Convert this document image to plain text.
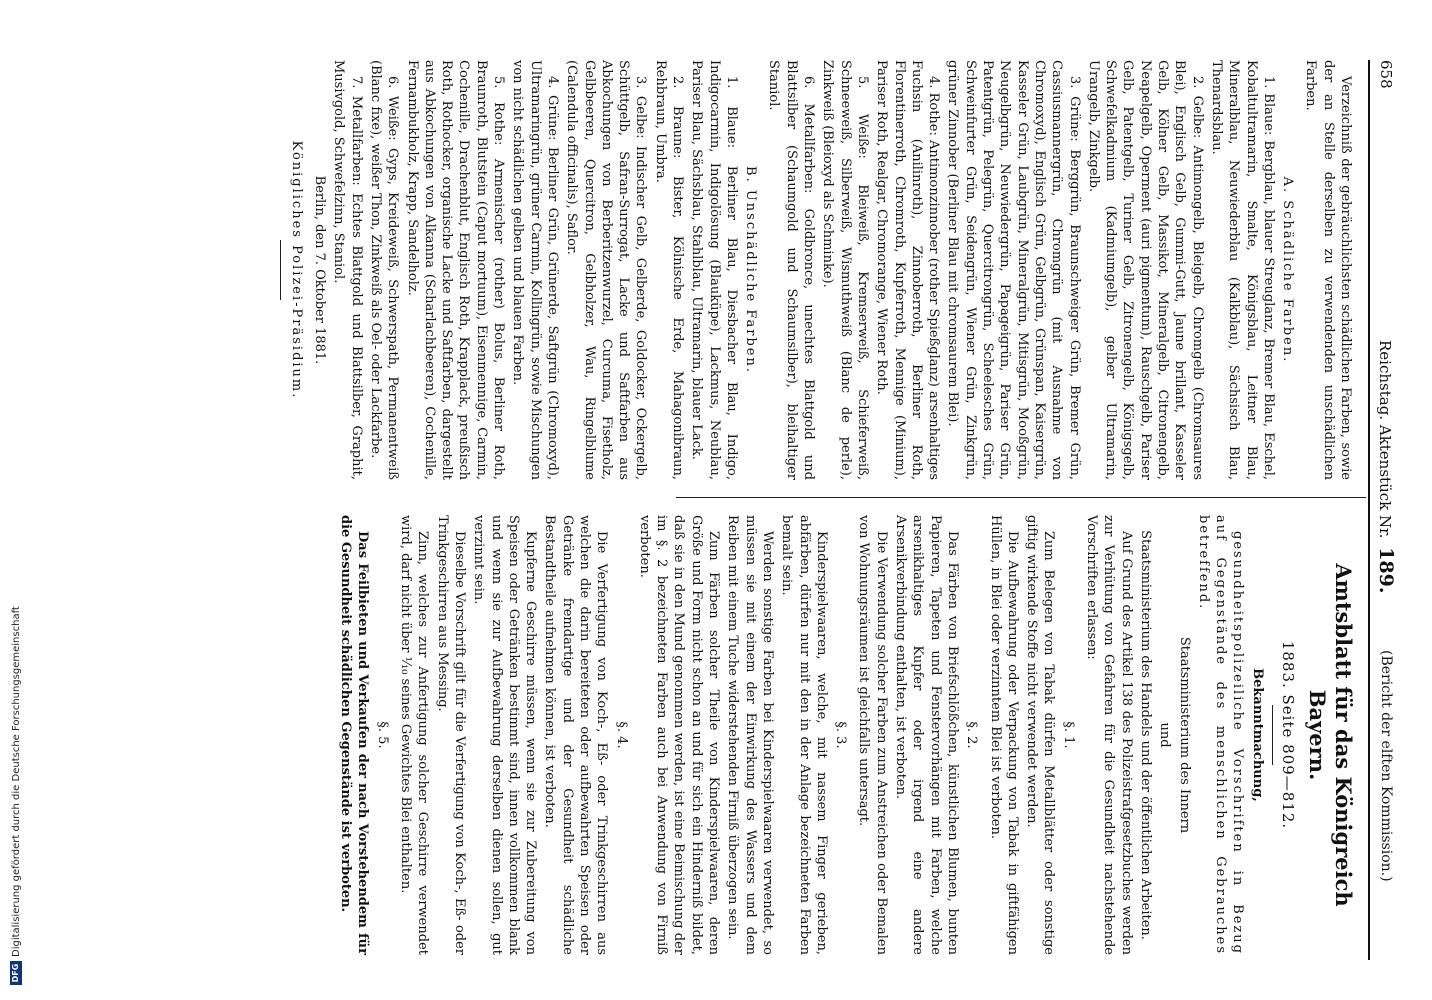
658
Reichstag. Aktenstück Nr. 189.
(Bericht der elften Kommission.)

Verzeichniß der gebräuchlichsten schädlichen Farben, sowie der an Stelle derselben zu verwendenden unschädlichen Farben.

A. Schädliche Farben.

1. Blaue: Bergblau, blauer Streuglanz, Bremer Blau, Eschel, Kobaltultramarin, Smalte, Königsblau, Leitner Blau, Mineralblau, Neuwiederblau (Kalkblau), Sächsisch Blau, Thenardsblau.

2. Gelbe: Antimongelb, Bleigelb, Chromgelb (Chromsaures Blei), Englisch Gelb, Gummi-Gutt, Jaune brillant, Kasseler Gelb, Kölner Gelb, Massikot, Mineralgelb, Citronengelb, Neapelgelb, Operment (auri pigmentum), Rauschgelb, Pariser Gelb, Patentgelb, Turiner Gelb, Zitronengelb, Königsgelb, Schwefelkadmium (Kadmiumgelb), gelber Ultramarin, Urangelb, Zinkgelb.

3. Grüne: Berggrün, Braunschweiger Grün, Bremer Grün, Cassiusmannergrün, Chromgrün (mit Ausnahme von Chromoxyd), Englisch Grün, Gelbgrün, Grünspan, Kaisergrün, Kasseler Grün, Laubgrün, Mineralgrün, Mitisgrün, Mooßgrün, Neugelbgrün, Neuwiedergrün, Papageigrün, Pariser Grün, Patentgrün, Pelegrün, Quercitrongrün, Scheelesches Grün, Schweinfurter Grün, Seidengrün, Wiener Grün, Zinkgrün, grüner Zinnober (Berliner Blau mit chromsaurem Blei).

4. Rothe: Antimonzinnober (rother Spießglanz) arsenhaltiges Fuchsin (Anilinroth), Zinnoberroth, Berliner Roth, Florentinerroth, Chromroth, Kupferroth, Mennige (Minium), Pariser Roth, Realgar, Chromorange, Wiener Roth.

5. Weiße: Bleiweiß, Kremserweiß, Schieferweiß, Schneeweiß, Silberweiß, Wismuthweiß (Blanc de perle), Zinkweiß (Bleioxyd als Schminke).

6. Metallfarben: Goldbronce, unechtes Blattgold und Blattsilber (Schaumgold und Schaumsilber), bleihaltiger Staniol.

B. Unschädliche Farben.

1. Blaue: Berliner Blau, Diesbacher Blau, Indigo, Indigocarmin, Indigolösung (Blauküpe), Lackmus, Neublau, Pariser Blau, Sächsblau, Stahlblau, Ultramarin, blauer Lack.

2. Braune: Bister, Kölnische Erde, Mahagonibraun, Rehbraun, Umbra.

3. Gelbe: Indischer Gelb, Gelberde, Goldocker, Ockergelb, Schüttgelb, Safran-Surrogat, Lacke und Saftfarben aus Abkochungen von Berberitzenwurzel, Curcuma, Fisetholz, Gelbbeeren, Quercitron, Gelbholzer, Wau, Ringelblume (Calendula officinalis), Saflor.

4. Grüne: Berliner Grün, Grünerde, Saftgrün (Chromoxyd), Ultramaringrün, grüner Carmin, Kollingrün, sowie Mischungen von nicht schädlichen gelben und blauen Farben.

5. Rothe: Armenischer (rother) Bolus, Berliner Roth, Braunroth, Blutstein (Caput mortuum), Eisenmennige, Carmin, Cochenille, Drachenblut, Englisch Roth, Krapplack, preußisch Roth, Rothocker, organische Lacke und Saftfarben, dargestellt aus Abkochungen von Alkanna (Scharlachbeeren), Cochenille, Fernambukholz, Krapp, Sandelholz.

6. Weiße: Gyps, Kreideweiß, Schwerspath, Permanentweiß (Blanc fixe), weißer Thon, Zinkweiß als Oel- oder Lackfarbe.

7. Metallfarben: Echtes Blattgold und Blattsilber, Graphit, Musivgold, Schwefelzinn, Staniol.

Berlin, den 7. Oktober 1881.

Königliches Polizei-Präsidium.

Amtsblatt für das Königreich Bayern.
1883. Seite 809—812.

Bekanntmachung,

gesundheitspolizeiliche Vorschriften in Bezug auf Gegenstände des menschlichen Gebrauches betreffend.

Staatsministerium des Innern

und

Staatsministerium des Handels und der öffentlichen Arbeiten.

Auf Grund des Artikel 138 des Polizeistrafgesetzbuches werden zur Verhütung von Gefahren für die Gesundheit nachstehende Vorschriften erlassen:

§. 1.

Zum Belegen von Tabak dürfen Metallblätter oder sonstige giftig wirkende Stoffe nicht verwendet werden.

Die Aufbewahrung oder Verpackung von Tabak in giftfähigen Hüllen, in Blei oder verzinntem Blei ist verboten.

§. 2.

Das Färben von Briefschlößchen, künstlichen Blumen, bunten Papieren, Tapeten und Fenstervorhängen mit Farben, welche arsenikhaltiges Kupfer oder irgend eine andere Arsenikverbindung enthalten, ist verboten.

Die Verwendung solcher Farben zum Anstreichen oder Bemalen von Wohnungsräumen ist gleichfalls untersagt.

§. 3.

Kinderspielwaaren, welche, mit nassem Finger gerieben, abfärben, dürfen nur mit den in der Anlage bezeichneten Farben bemalt sein.

Werden sonstige Farben bei Kinderspielwaaren verwendet, so müssen sie mit einem der Einwirkung des Wassers und dem Reiben mit einem Tuche widerstehenden Firniß überzogen sein.

Zum Färben solcher Theile von Kinderspielwaaren, deren Größe und Form nicht schon an und für sich ein Hinderniß bildet, daß sie in den Mund genommen werden, ist eine Beimischung der im §. 2 bezeichneten Farben auch bei Anwendung von Firniß verboten.

§. 4.

Die Verfertigung von Koch-, Eß- oder Trinkgeschirren aus welchen die darin bereiteten oder aufbewahrten Speisen oder Getränke fremdartige und der Gesundheit schädliche Bestandtheile aufnehmen können, ist verboten.

Kupferne Geschirre müssen, wenn sie zur Zubereitung von Speisen oder Getränken bestimmt sind, innen vollkommen blank und wenn sie zur Aufbewahrung derselben dienen sollen, gut verzinnt sein.

Dieselbe Vorschrift gilt für die Verfertigung von Koch-, Eß- oder Trinkgeschirren aus Messing.

Zinn, welches zur Anfertigung solcher Geschirre verwendet wird, darf nicht über ⅒ seines Gewichtes Blei enthalten.

§. 5.

Das Feilbieten und Verkaufen der nach Vorstehendem für die Gesundheit schädlichen Gegenstände ist verboten.

DFGDigitalisierung gefördert durch die Deutsche Forschungsgemeinschaft
